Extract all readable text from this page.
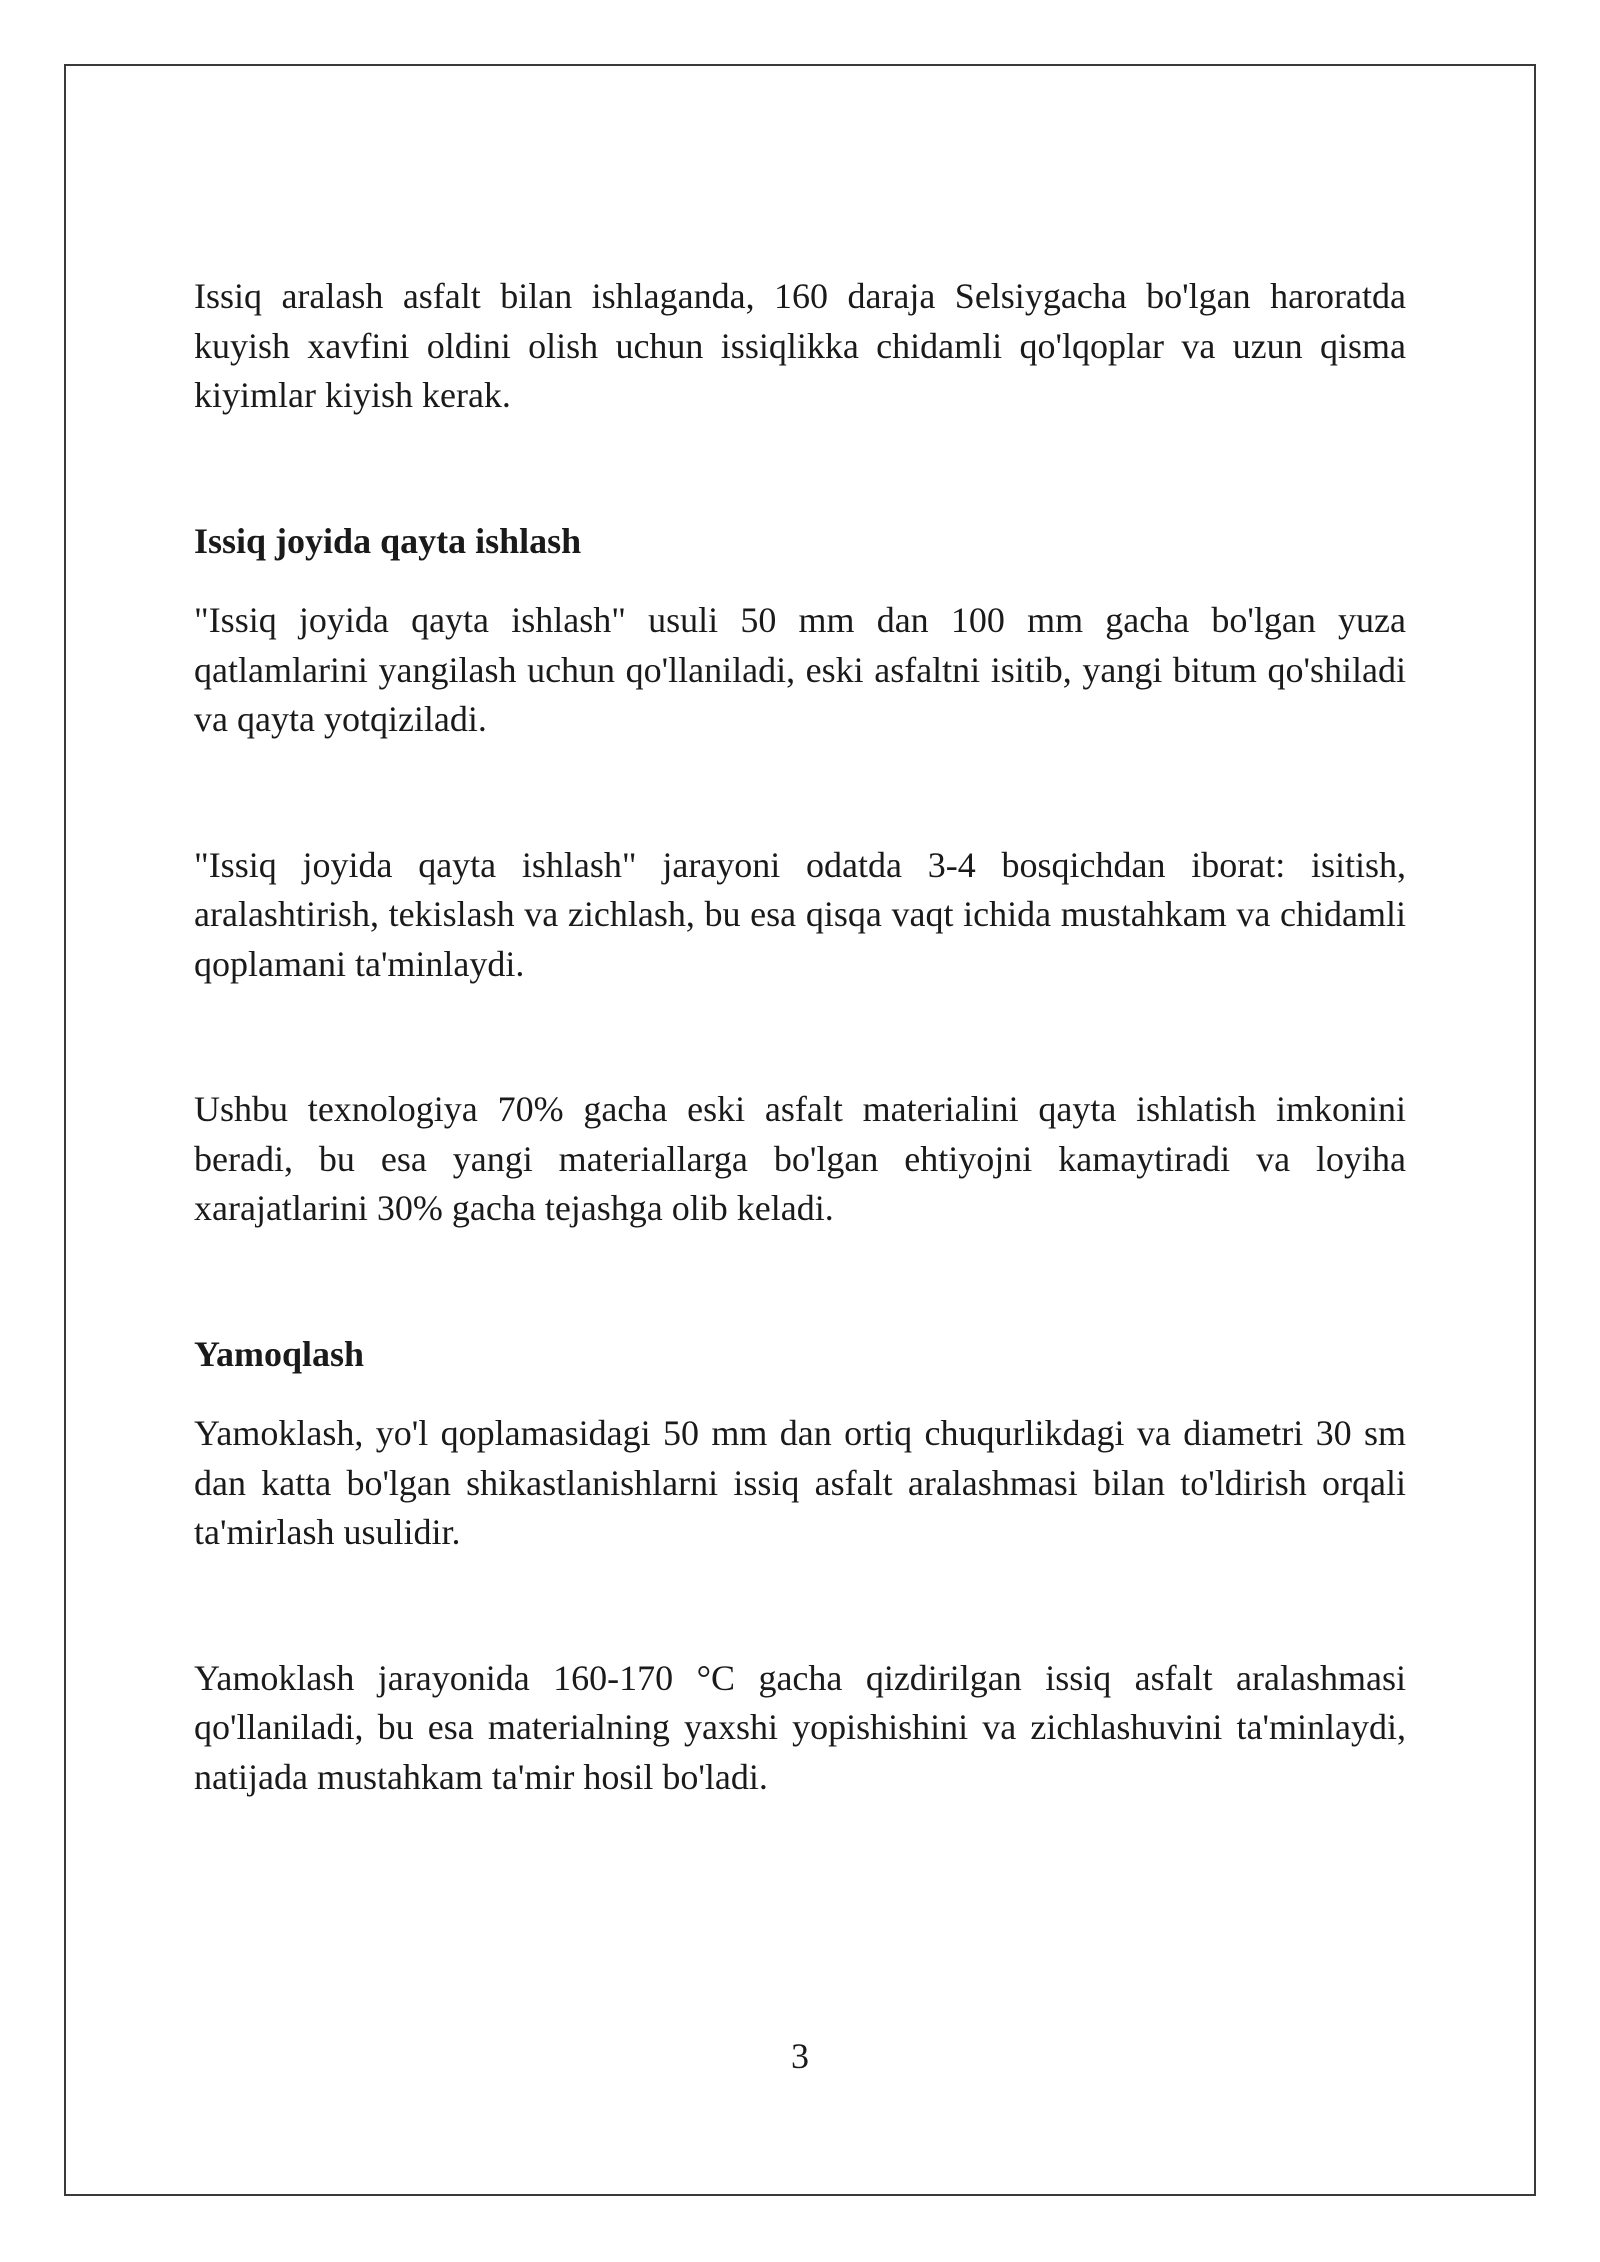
Issiq aralash asfalt bilan ishlaganda, 160 daraja Selsiygacha bo'lgan haroratda kuyish xavfini oldini olish uchun issiqlikka chidamli qo'lqoplar va uzun qisma kiyimlar kiyish kerak.

Issiq joyida qayta ishlash

"Issiq joyida qayta ishlash" usuli 50 mm dan 100 mm gacha bo'lgan yuza qatlamlarini yangilash uchun qo'llaniladi, eski asfaltni isitib, yangi bitum qo'shiladi va qayta yotqiziladi.

"Issiq joyida qayta ishlash" jarayoni odatda 3-4 bosqichdan iborat: isitish, aralashtirish, tekislash va zichlash, bu esa qisqa vaqt ichida mustahkam va chidamli qoplamani ta'minlaydi.

Ushbu texnologiya 70% gacha eski asfalt materialini qayta ishlatish imkonini beradi, bu esa yangi materiallarga bo'lgan ehtiyojni kamaytiradi va loyiha xarajatlarini 30% gacha tejashga olib keladi.

Yamoqlash

Yamoklash, yo'l qoplamasidagi 50 mm dan ortiq chuqurlikdagi va diametri 30 sm dan katta bo'lgan shikastlanishlarni issiq asfalt aralashmasi bilan to'ldirish orqali ta'mirlash usulidir.

Yamoklash jarayonida 160-170 °C gacha qizdirilgan issiq asfalt aralashmasi qo'llaniladi, bu esa materialning yaxshi yopishishini va zichlashuvini ta'minlaydi, natijada mustahkam ta'mir hosil bo'ladi.

3
